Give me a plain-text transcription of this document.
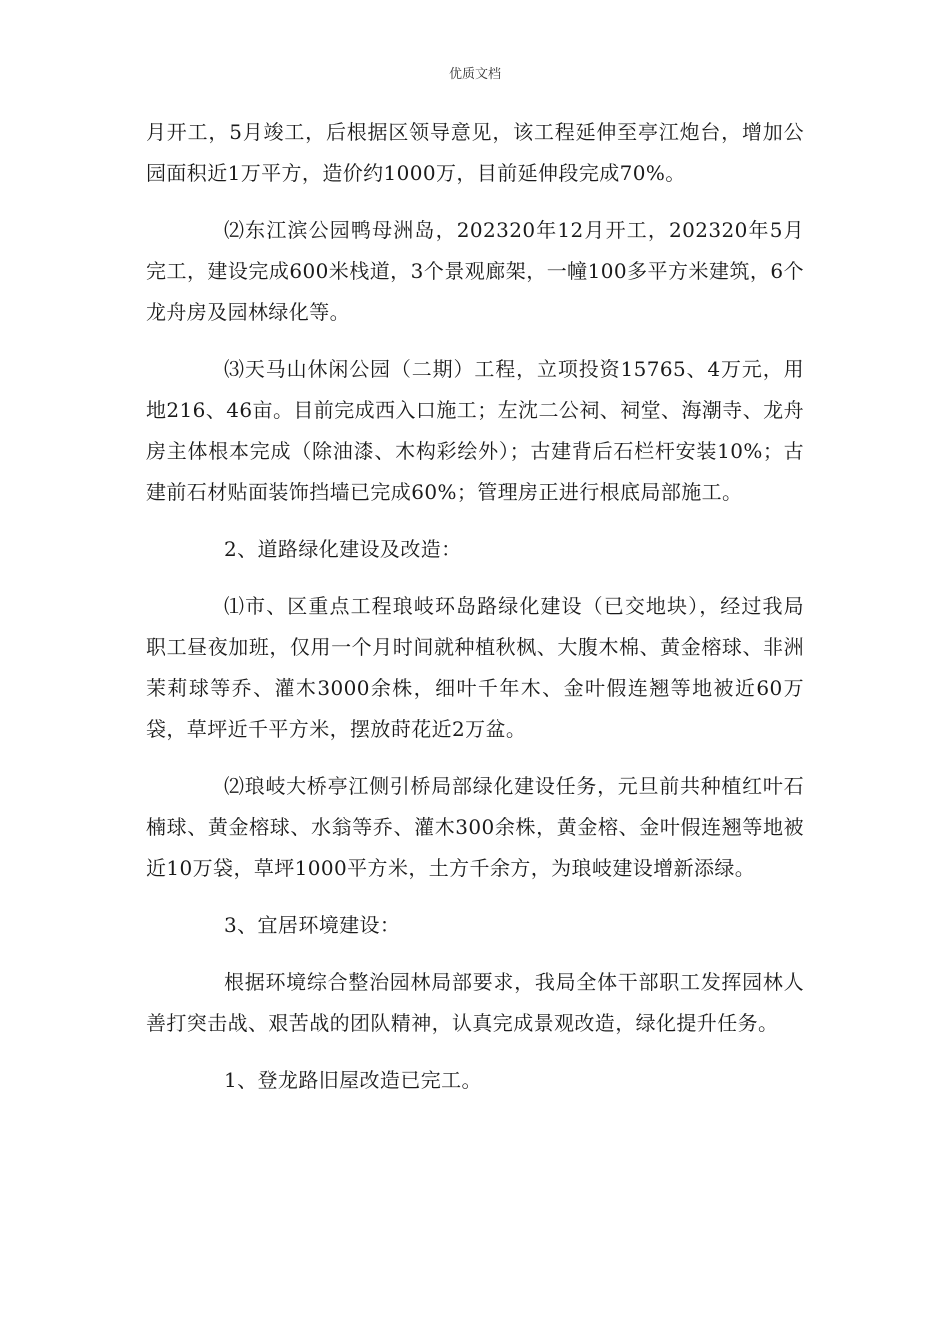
优质文档

月开工，5月竣工，后根据区领导意见，该工程延伸至亭江炮台，增加公园面积近1万平方，造价约1000万，目前延伸段完成70%。

⑵东江滨公园鸭母洲岛，202320年12月开工，202320年5月完工，建设完成600米栈道，3个景观廊架，一幢100多平方米建筑，6个龙舟房及园林绿化等。

⑶天马山休闲公园（二期）工程，立项投资15765、4万元，用地216、46亩。目前完成西入口施工；左沈二公祠、祠堂、海潮寺、龙舟房主体根本完成（除油漆、木构彩绘外）；古建背后石栏杆安装10%；古建前石材贴面装饰挡墙已完成60%；管理房正进行根底局部施工。

2、道路绿化建设及改造：

⑴市、区重点工程琅岐环岛路绿化建设（已交地块），经过我局职工昼夜加班，仅用一个月时间就种植秋枫、大腹木棉、黄金榕球、非洲茉莉球等乔、灌木3000余株，细叶千年木、金叶假连翘等地被近60万袋，草坪近千平方米，摆放莳花近2万盆。

⑵琅岐大桥亭江侧引桥局部绿化建设任务，元旦前共种植红叶石楠球、黄金榕球、水翁等乔、灌木300余株，黄金榕、金叶假连翘等地被近10万袋，草坪1000平方米，土方千余方，为琅岐建设增新添绿。

3、宜居环境建设：

根据环境综合整治园林局部要求，我局全体干部职工发挥园林人善打突击战、艰苦战的团队精神，认真完成景观改造，绿化提升任务。

1、登龙路旧屋改造已完工。
